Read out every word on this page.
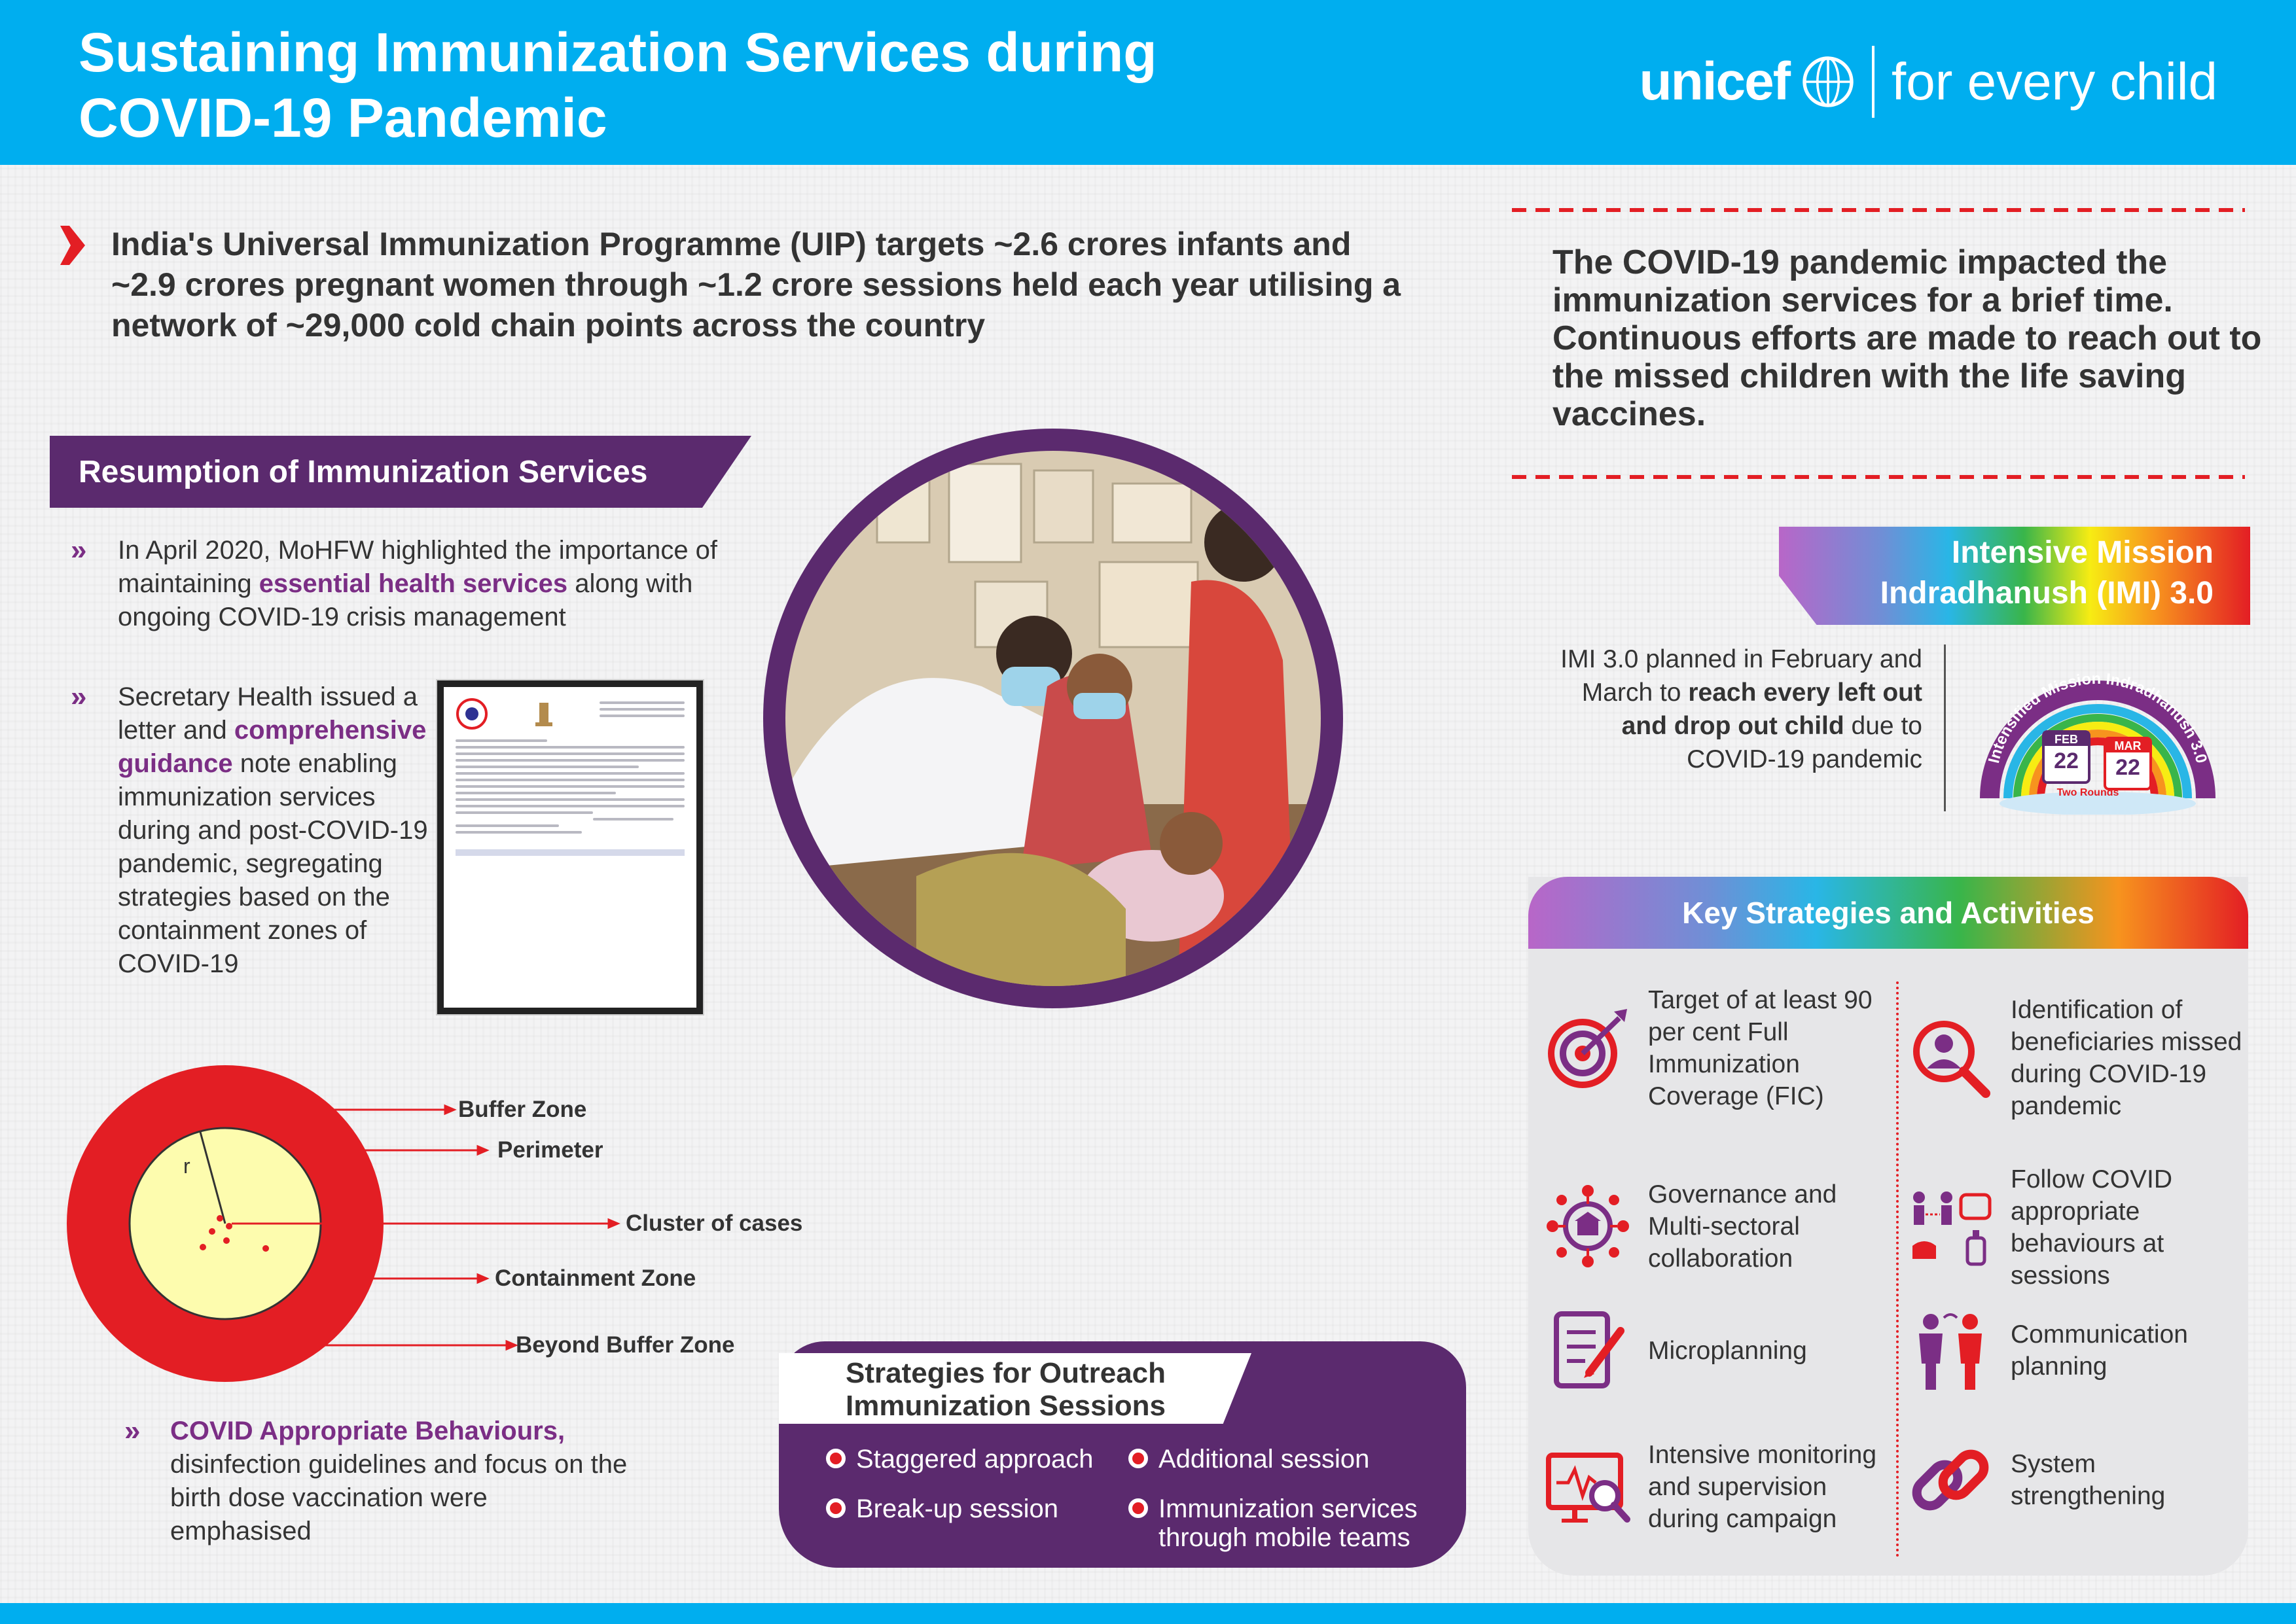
Sustaining Immunization Services during COVID-19 Pandemic
unicef for every child
India's Universal Immunization Programme (UIP) targets ~2.6 crores infants and ~2.9 crores pregnant women through ~1.2 crore sessions held each year utilising a network of ~29,000 cold chain points across the country
The COVID-19 pandemic impacted the immunization services for a brief time. Continuous efforts are made to reach out to the missed children with the life saving vaccines.
Resumption of Immunization Services
» In April 2020, MoHFW highlighted the importance of maintaining essential health services along with ongoing COVID-19 crisis management
» Secretary Health issued a letter and comprehensive guidance note enabling immunization services during and post-COVID-19 pandemic, segregating strategies based on the containment zones of COVID-19
r
Buffer Zone
Perimeter
Cluster of cases
Containment Zone
Beyond Buffer Zone
» COVID Appropriate Behaviours, disinfection guidelines and focus on the birth dose vaccination were emphasised
Strategies for Outreach Immunization Sessions
Staggered approach Additional session
Break-up session	Immunization services through mobile teams
Intensive Mission Indradhanush (IMI) 3.0
IMI 3.0 planned in February and March to reach every left out and drop out child due to COVID-19 pandemic	Intensified Mission Indradhanush 3.0
FEB
22
MAR
22
Two Rounds
Key Strategies and Activities
Target of at least 90 per cent Full Immunization Coverage (FIC)
Identification of beneficiaries missed during COVID-19 pandemic
Governance and Multi-sectoral collaboration
Follow COVID appropriate behaviours at sessions
Microplanning
Communication planning
Intensive monitoring and supervision during campaign
System strengthening
